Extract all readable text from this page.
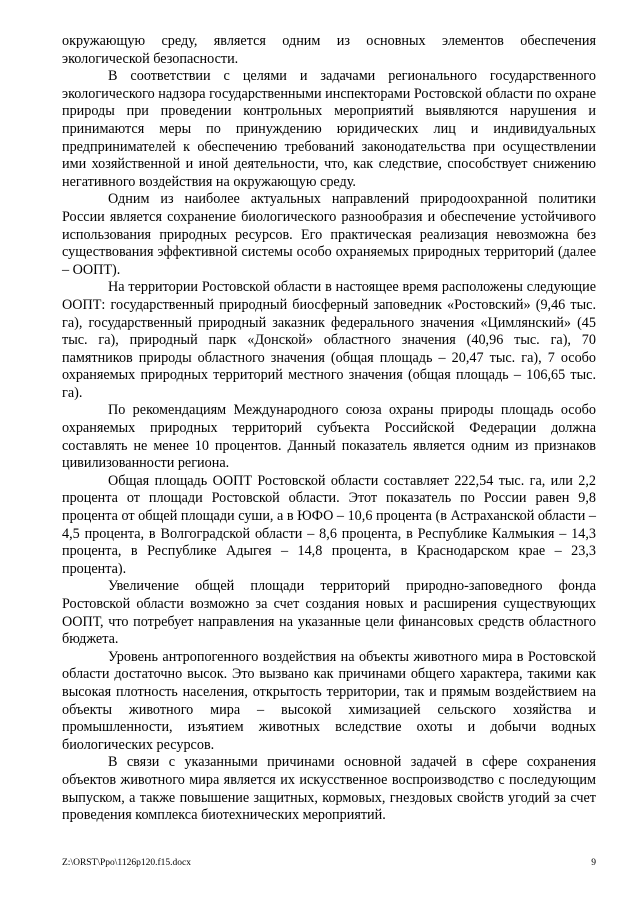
окружающую среду, является одним из основных элементов обеспечения экологической безопасности.

В соответствии с целями и задачами регионального государственного экологического надзора государственными инспекторами Ростовской области по охране природы при проведении контрольных мероприятий выявляются нарушения и принимаются меры по принуждению юридических лиц и индивидуальных предпринимателей к обеспечению требований законодательства при осуществлении ими хозяйственной и иной деятельности, что, как следствие, способствует снижению негативного воздействия на окружающую среду.

Одним из наиболее актуальных направлений природоохранной политики России является сохранение биологического разнообразия и обеспечение устойчивого использования природных ресурсов. Его практическая реализация невозможна без существования эффективной системы особо охраняемых природных территорий (далее – ООПТ).

На территории Ростовской области в настоящее время расположены следующие ООПТ: государственный природный биосферный заповедник «Ростовский» (9,46 тыс. га), государственный природный заказник федерального значения «Цимлянский» (45 тыс. га), природный парк «Донской» областного значения (40,96 тыс. га), 70 памятников природы областного значения (общая площадь – 20,47 тыс. га), 7 особо охраняемых природных территорий местного значения (общая площадь – 106,65 тыс. га).

По рекомендациям Международного союза охраны природы площадь особо охраняемых природных территорий субъекта Российской Федерации должна составлять не менее 10 процентов. Данный показатель является одним из признаков цивилизованности региона.

Общая площадь ООПТ Ростовской области составляет 222,54 тыс. га, или 2,2 процента от площади Ростовской области. Этот показатель по России равен 9,8 процента от общей площади суши, а в ЮФО – 10,6 процента (в Астраханской области – 4,5 процента, в Волгоградской области – 8,6 процента, в Республике Калмыкия – 14,3 процента, в Республике Адыгея – 14,8 процента, в Краснодарском крае – 23,3 процента).

Увеличение общей площади территорий природно-заповедного фонда Ростовской области возможно за счет создания новых и расширения существующих ООПТ, что потребует направления на указанные цели финансовых средств областного бюджета.

Уровень антропогенного воздействия на объекты животного мира в Ростовской области достаточно высок. Это вызвано как причинами общего характера, такими как высокая плотность населения, открытость территории, так и прямым воздействием на объекты животного мира – высокой химизацией сельского хозяйства и промышленности, изъятием животных вследствие охоты и добычи водных биологических ресурсов.

В связи с указанными причинами основной задачей в сфере сохранения объектов животного мира является их искусственное воспроизводство с последующим выпуском, а также повышение защитных, кормовых, гнездовых свойств угодий за счет проведения комплекса биотехнических мероприятий.

Z:\ORST\Ppo\1126p120.f15.docx	9
